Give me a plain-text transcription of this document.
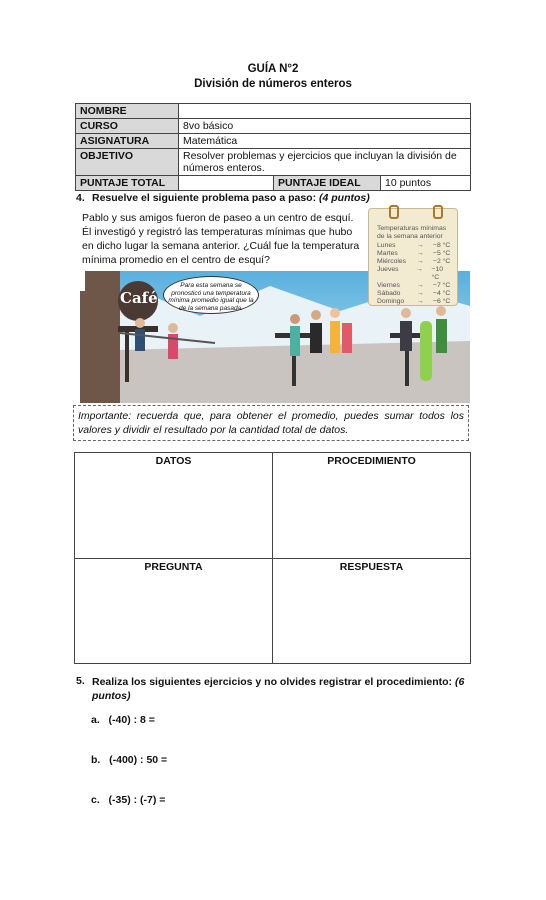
GUÍA N°2
División de números enteros
NOMBRE			
CURSO	8vo básico		
ASIGNATURA	Matemática		
OBJETIVO	Resolver problemas y ejercicios que incluyan la división de números enteros.		
PUNTAJE TOTAL		PUNTAJE IDEAL	10 puntos
4. Resuelve el siguiente problema paso a paso: (4 puntos)
Pablo y sus amigos fueron de paseo a un centro de esquí. Él investigó y registró las temperaturas mínimas que hubo en dicho lugar la semana anterior. ¿Cuál fue la temperatura mínima promedio en el centro de esquí?
Café
Para esta semana se pronosticó una temperatura mínima promedio igual que la de la semana pasada.
Temperaturas mínimas de la semana anterior
Lunes	→	−8 °C
Martes	→	−5 °C
Miércoles	→	−2 °C
Jueves	→	−10 °C
Viernes	→	−7 °C
Sábado	→	−4 °C
Domingo	→	−6 °C
Importante: recuerda que, para obtener el promedio, puedes sumar todos los valores y dividir el resultado por la cantidad total de datos.
DATOS	PROCEDIMIENTO
PREGUNTA	RESPUESTA
5. Realiza los siguientes ejercicios y no olvides registrar el procedimiento: (6 puntos)
a. (-40) : 8 =
b. (-400) : 50 =
c. (-35) : (-7) =
